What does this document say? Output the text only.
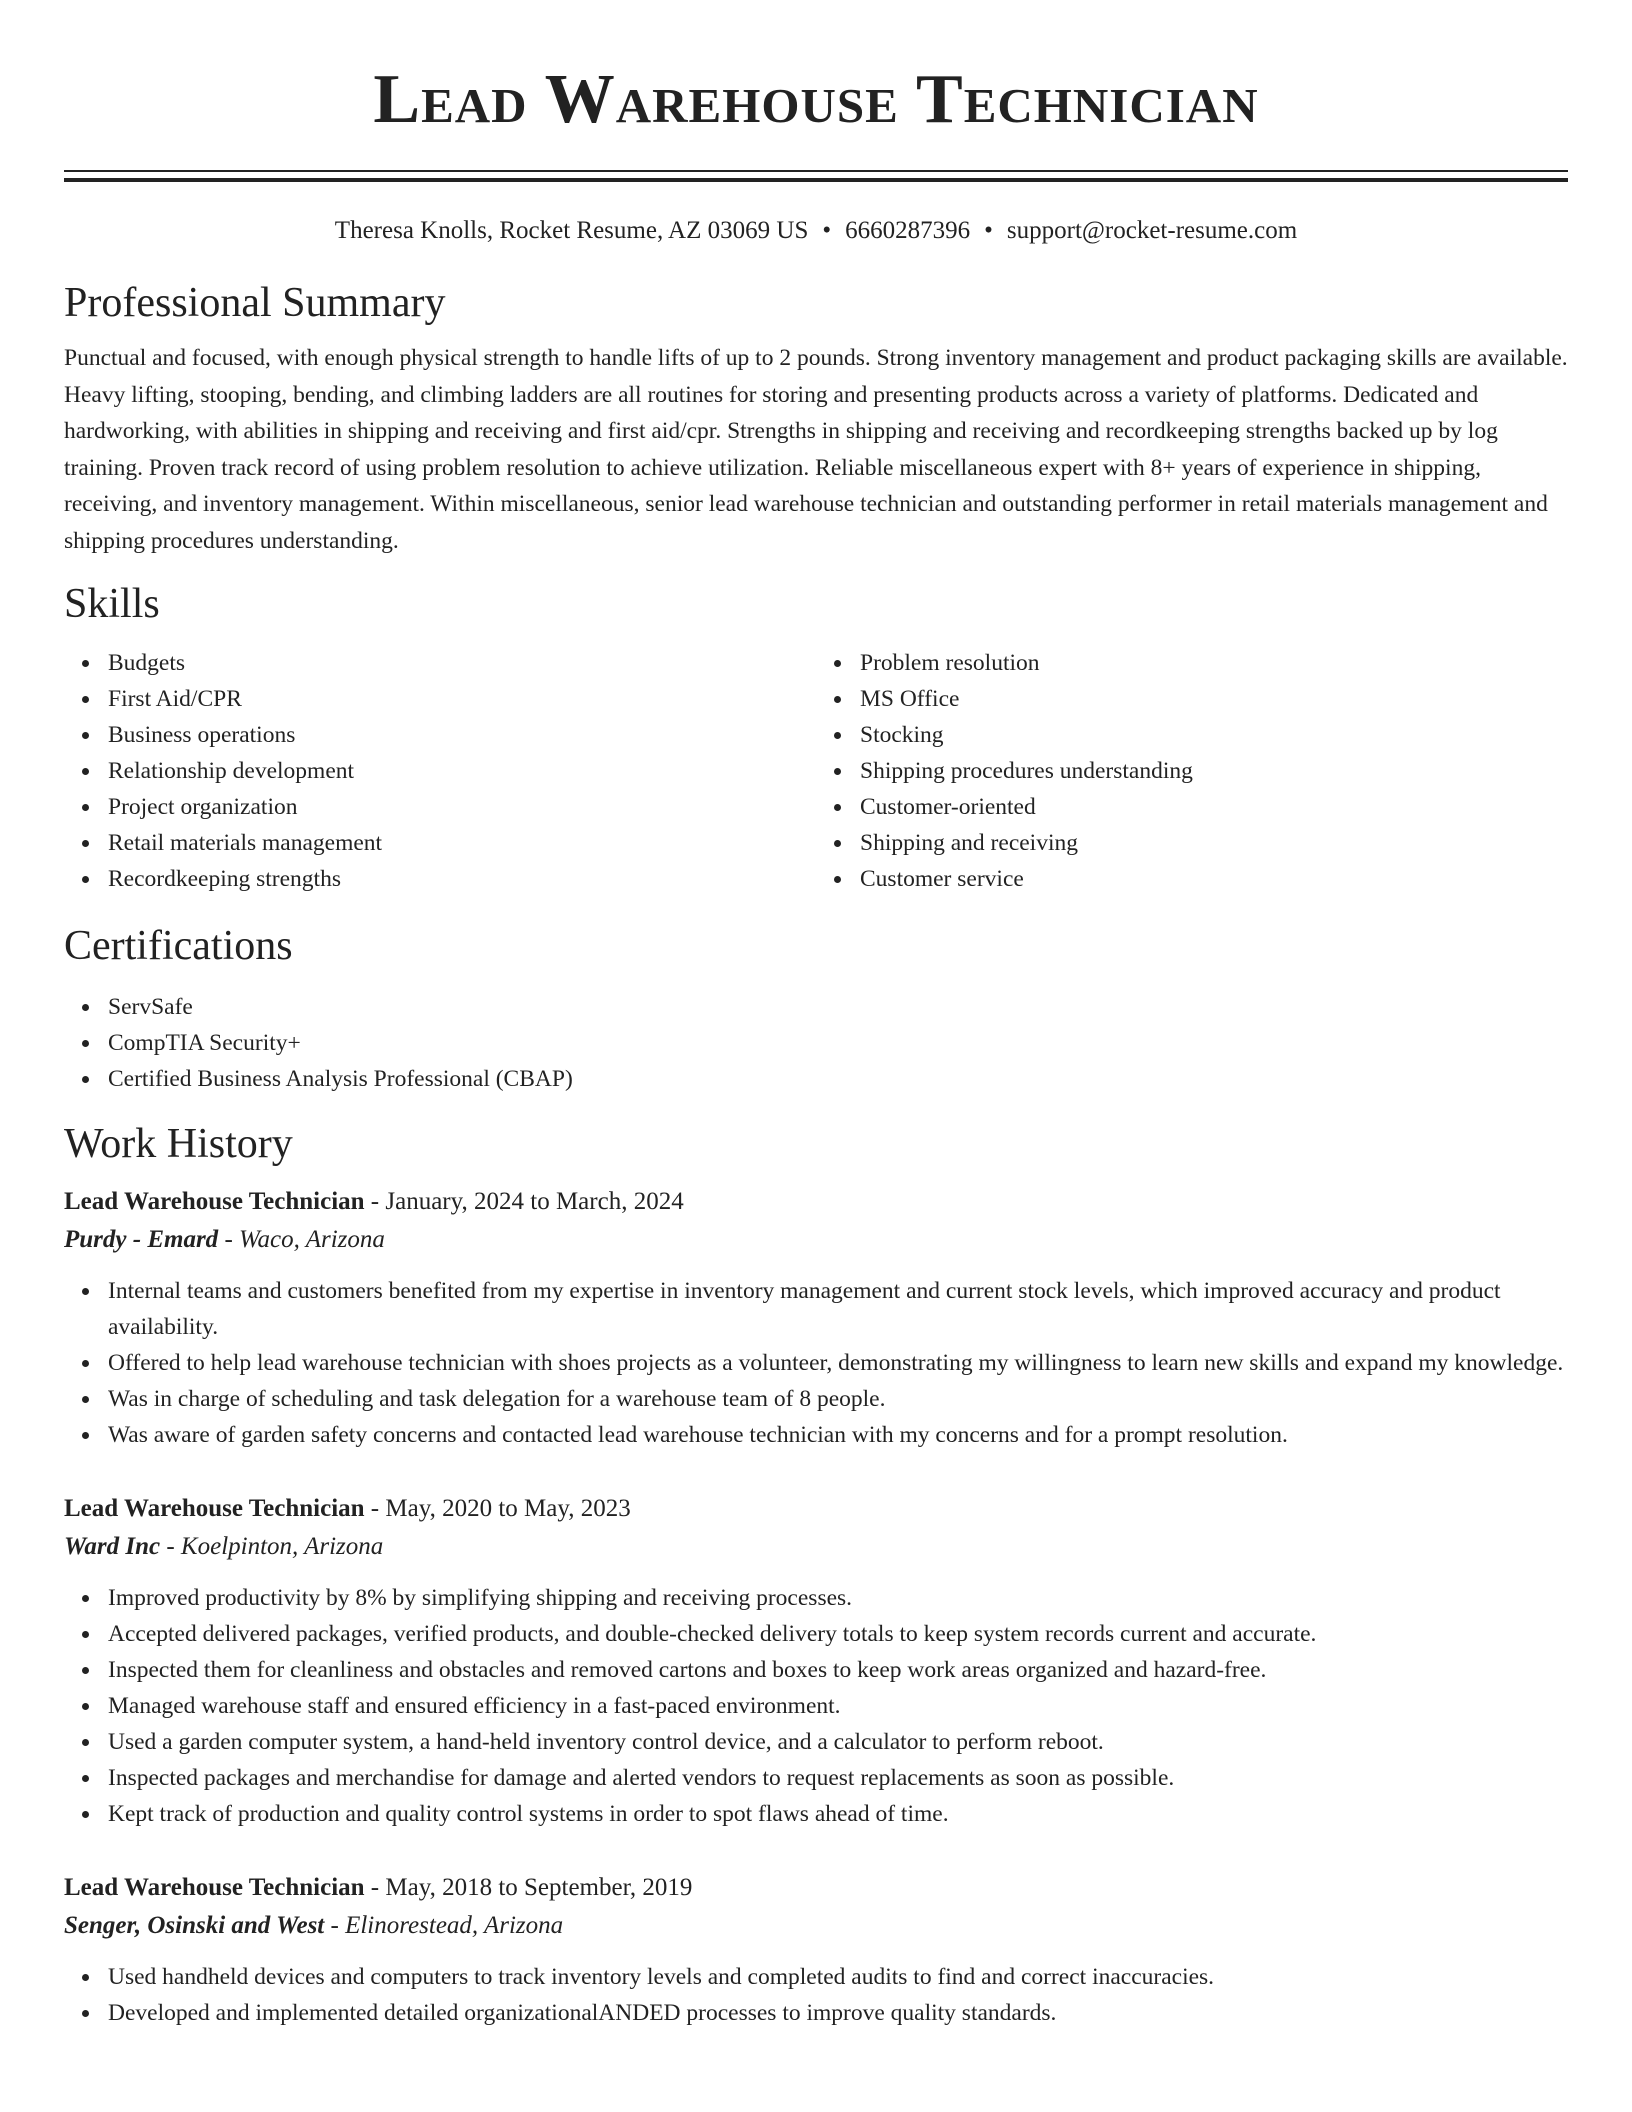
Lead Warehouse Technician
Theresa Knolls, Rocket Resume, AZ 03069 US • 6660287396 • support@rocket-resume.com
Professional Summary

Punctual and focused, with enough physical strength to handle lifts of up to 2 pounds. Strong inventory management and product packaging skills are available. Heavy lifting, stooping, bending, and climbing ladders are all routines for storing and presenting products across a variety of platforms. Dedicated and hardworking, with abilities in shipping and receiving and first aid/cpr. Strengths in shipping and receiving and recordkeeping strengths backed up by log training. Proven track record of using problem resolution to achieve utilization. Reliable miscellaneous expert with 8+ years of experience in shipping, receiving, and inventory management. Within miscellaneous, senior lead warehouse technician and outstanding performer in retail materials management and shipping procedures understanding.

Skills
Budgets
First Aid/CPR
Business operations
Relationship development
Project organization
Retail materials management
Recordkeeping strengths
Problem resolution
MS Office
Stocking
Shipping procedures understanding
Customer-oriented
Shipping and receiving
Customer service
Certifications
ServSafe
CompTIA Security+
Certified Business Analysis Professional (CBAP)
Work History
Lead Warehouse Technician - January, 2024 to March, 2024
Purdy - Emard - Waco, Arizona
Internal teams and customers benefited from my expertise in inventory management and current stock levels, which improved accuracy and product availability.
Offered to help lead warehouse technician with shoes projects as a volunteer, demonstrating my willingness to learn new skills and expand my knowledge.
Was in charge of scheduling and task delegation for a warehouse team of 8 people.
Was aware of garden safety concerns and contacted lead warehouse technician with my concerns and for a prompt resolution.
Lead Warehouse Technician - May, 2020 to May, 2023
Ward Inc - Koelpinton, Arizona
Improved productivity by 8% by simplifying shipping and receiving processes.
Accepted delivered packages, verified products, and double-checked delivery totals to keep system records current and accurate.
Inspected them for cleanliness and obstacles and removed cartons and boxes to keep work areas organized and hazard-free.
Managed warehouse staff and ensured efficiency in a fast-paced environment.
Used a garden computer system, a hand-held inventory control device, and a calculator to perform reboot.
Inspected packages and merchandise for damage and alerted vendors to request replacements as soon as possible.
Kept track of production and quality control systems in order to spot flaws ahead of time.
Lead Warehouse Technician - May, 2018 to September, 2019
Senger, Osinski and West - Elinorestead, Arizona
Used handheld devices and computers to track inventory levels and completed audits to find and correct inaccuracies.
Developed and implemented detailed organizationalANDED processes to improve quality standards.
